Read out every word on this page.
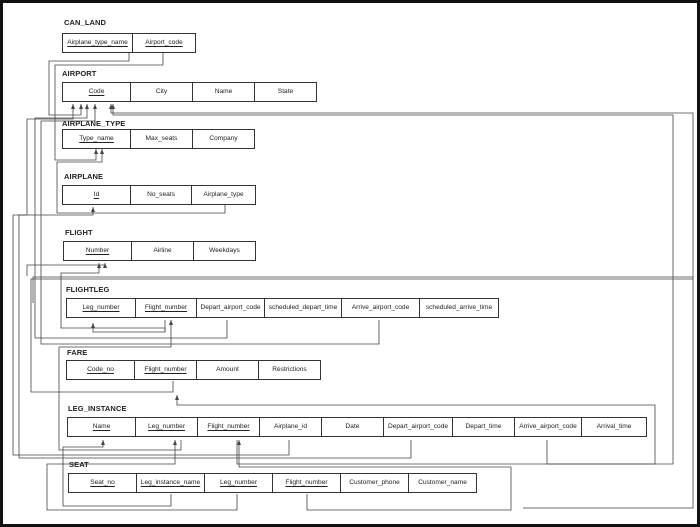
CAN_LAND
Airplane_type_name	Airport_code
AIRPORT
Code	City	Name	State
AIRPLANE_TYPE
Type_name	Max_seats	Company
AIRPLANE
Id	No_seats	Airplane_type
FLIGHT
Number	Airline	Weekdays
FLIGHTLEG
Leg_number	Flight_number	Depart_airport_code	scheduled_depart_time	Arrive_airport_code	scheduled_arrive_time
FARE
Code_no	Flight_number	Amount	Restrictions
LEG_INSTANCE
Name	Leg_number	Flight_number	Airplane_id	Date	Depart_airport_code	Depart_time	Arrive_airport_code	Arrival_time
SEAT
Seat_no	Leg_instance_name	Leg_number	Flight_number	Customer_phone	Customer_name
